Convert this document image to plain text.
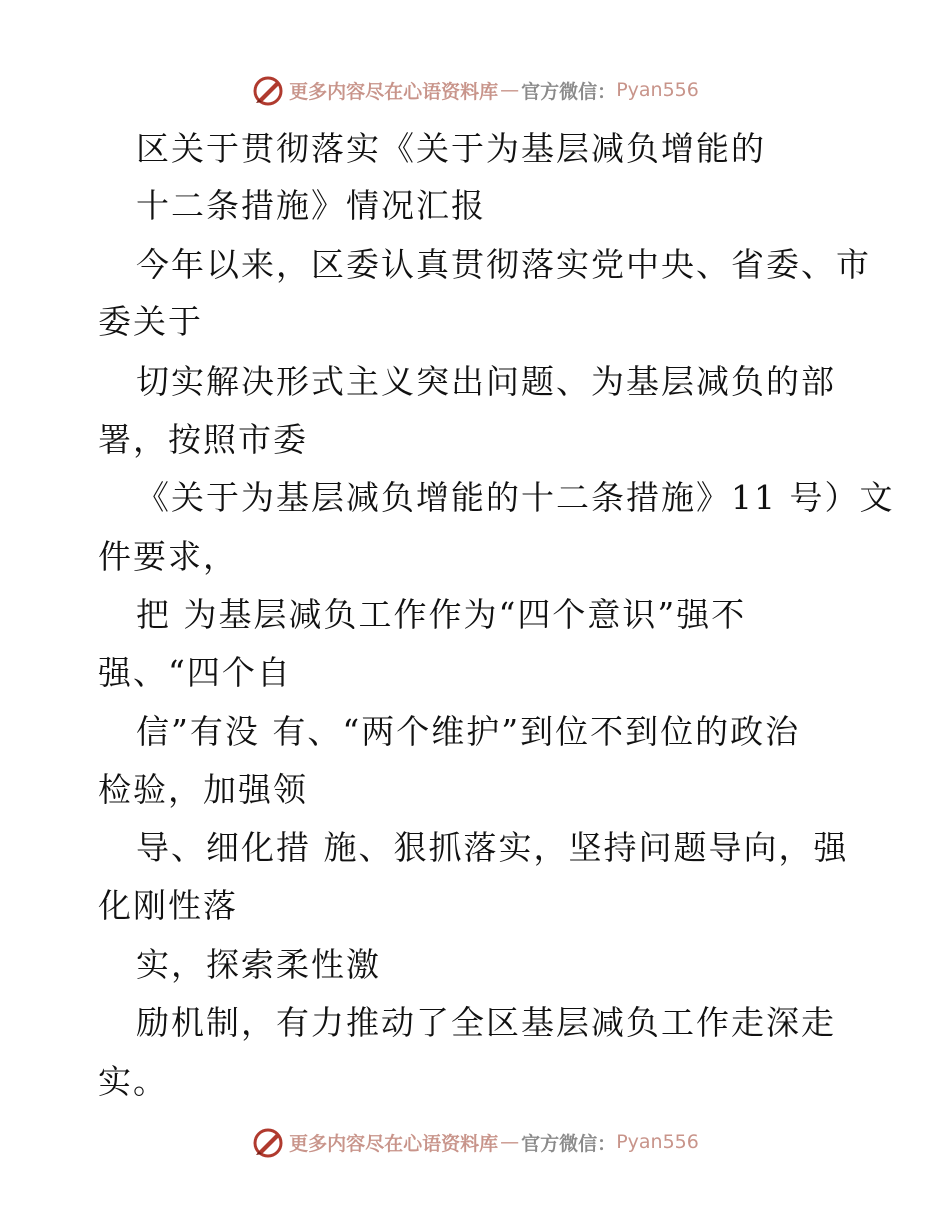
更多内容尽在心语资料库 — 官方微信： Pyan556
区关于贯彻落实《关于为基层减负增能的
十二条措施》情况汇报
今年以来，区委认真贯彻落实党中央、省委、市
委关于
切实解决形式主义突出问题、为基层减负的部
署，按照市委
《关于为基层减负增能的十二条措施》11 号）文
件要求，
把 为基层减负工作作为“四个意识”强不
强、“四个自
信”有没 有、“两个维护”到位不到位的政治
检验，加强领
导、细化措 施、狠抓落实，坚持问题导向，强
化刚性落
实，探索柔性激
励机制，有力推动了全区基层减负工作走深走
实。
更多内容尽在心语资料库 — 官方微信： Pyan556
